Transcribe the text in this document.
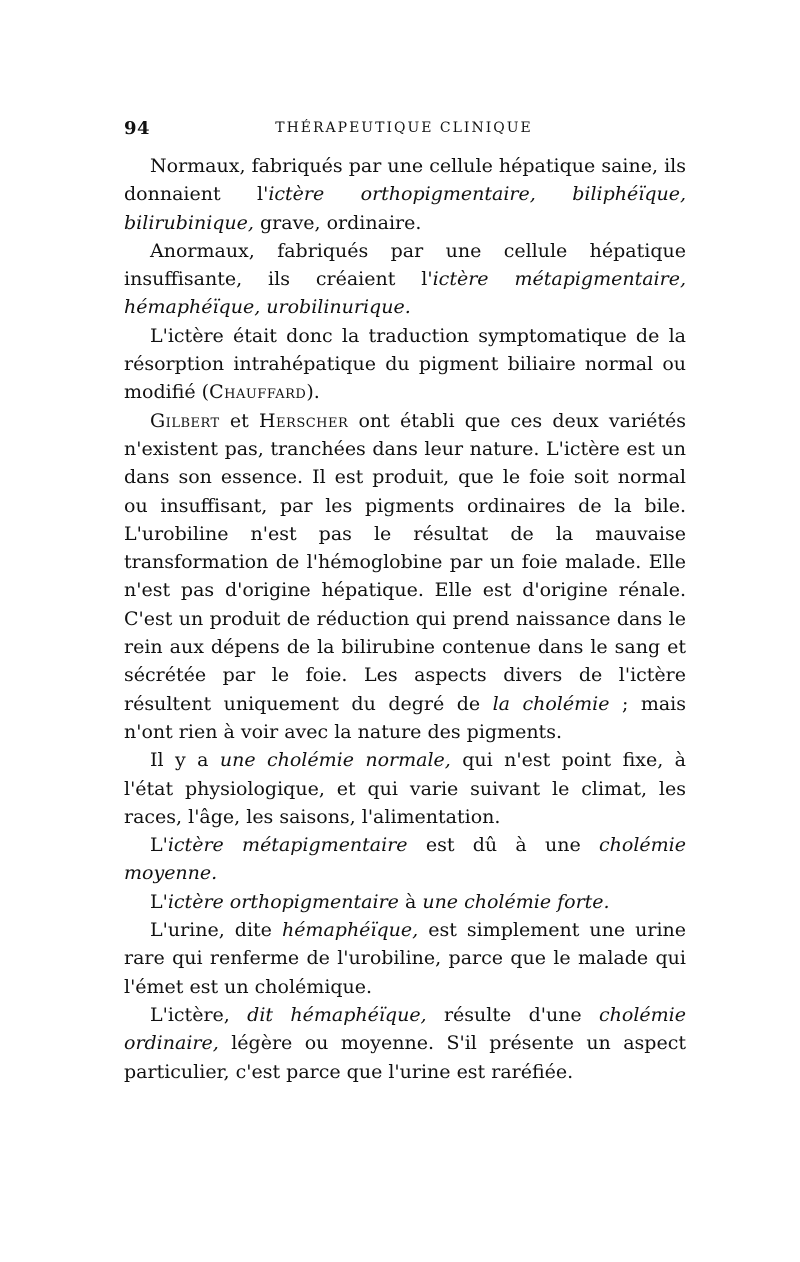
94	THÉRAPEUTIQUE CLINIQUE

Normaux, fabriqués par une cellule hépatique saine, ils donnaient l'ictère orthopigmentaire, biliphéïque, bilirubinique, grave, ordinaire.

Anormaux, fabriqués par une cellule hépatique insuffisante, ils créaient l'ictère métapigmentaire, hémaphéïque, urobilinurique.

L'ictère était donc la traduction symptomatique de la résorption intrahépatique du pigment biliaire normal ou modifié (Chauffard).

Gilbert et Herscher ont établi que ces deux variétés n'existent pas, tranchées dans leur nature. L'ictère est un dans son essence. Il est produit, que le foie soit normal ou insuffisant, par les pigments ordinaires de la bile. L'urobiline n'est pas le résultat de la mauvaise transformation de l'hémoglobine par un foie malade. Elle n'est pas d'origine hépatique. Elle est d'origine rénale. C'est un produit de réduction qui prend naissance dans le rein aux dépens de la bilirubine contenue dans le sang et sécrétée par le foie. Les aspects divers de l'ictère résultent uniquement du degré de la cholémie ; mais n'ont rien à voir avec la nature des pigments.

Il y a une cholémie normale, qui n'est point fixe, à l'état physiologique, et qui varie suivant le climat, les races, l'âge, les saisons, l'alimentation.

L'ictère métapigmentaire est dû à une cholémie moyenne.

L'ictère orthopigmentaire à une cholémie forte.

L'urine, dite hémaphéïque, est simplement une urine rare qui renferme de l'urobiline, parce que le malade qui l'émet est un cholémique.

L'ictère, dit hémaphéïque, résulte d'une cholémie ordinaire, légère ou moyenne. S'il présente un aspect particulier, c'est parce que l'urine est raréfiée.
